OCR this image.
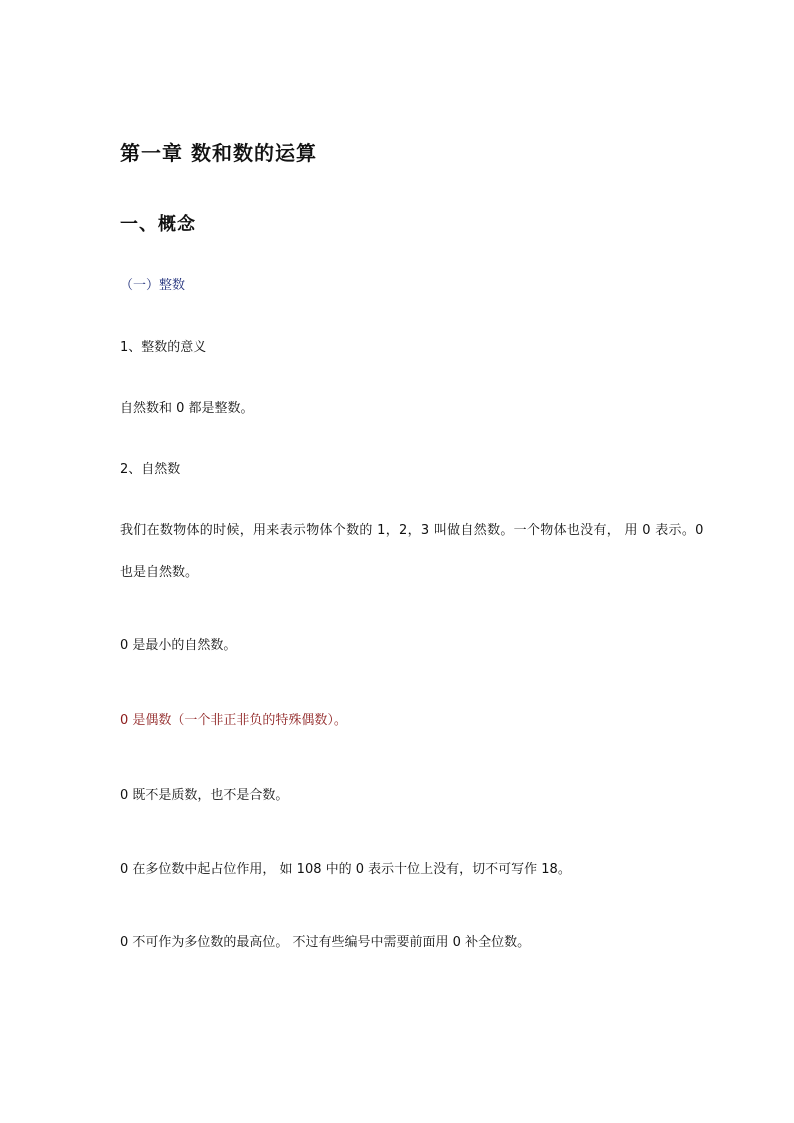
第一章 数和数的运算
一、概念
（一）整数
1、整数的意义
自然数和 0 都是整数。
2、自然数
我们在数物体的时候，用来表示物体个数的 1，2，3 叫做自然数。一个物体也没有， 用 0 表示。0
也是自然数。
0 是最小的自然数。
0 是偶数（一个非正非负的特殊偶数）。
0 既不是质数，也不是合数。
0 在多位数中起占位作用， 如 108 中的 0 表示十位上没有，切不可写作 18。
0 不可作为多位数的最高位。 不过有些编号中需要前面用 0 补全位数。
